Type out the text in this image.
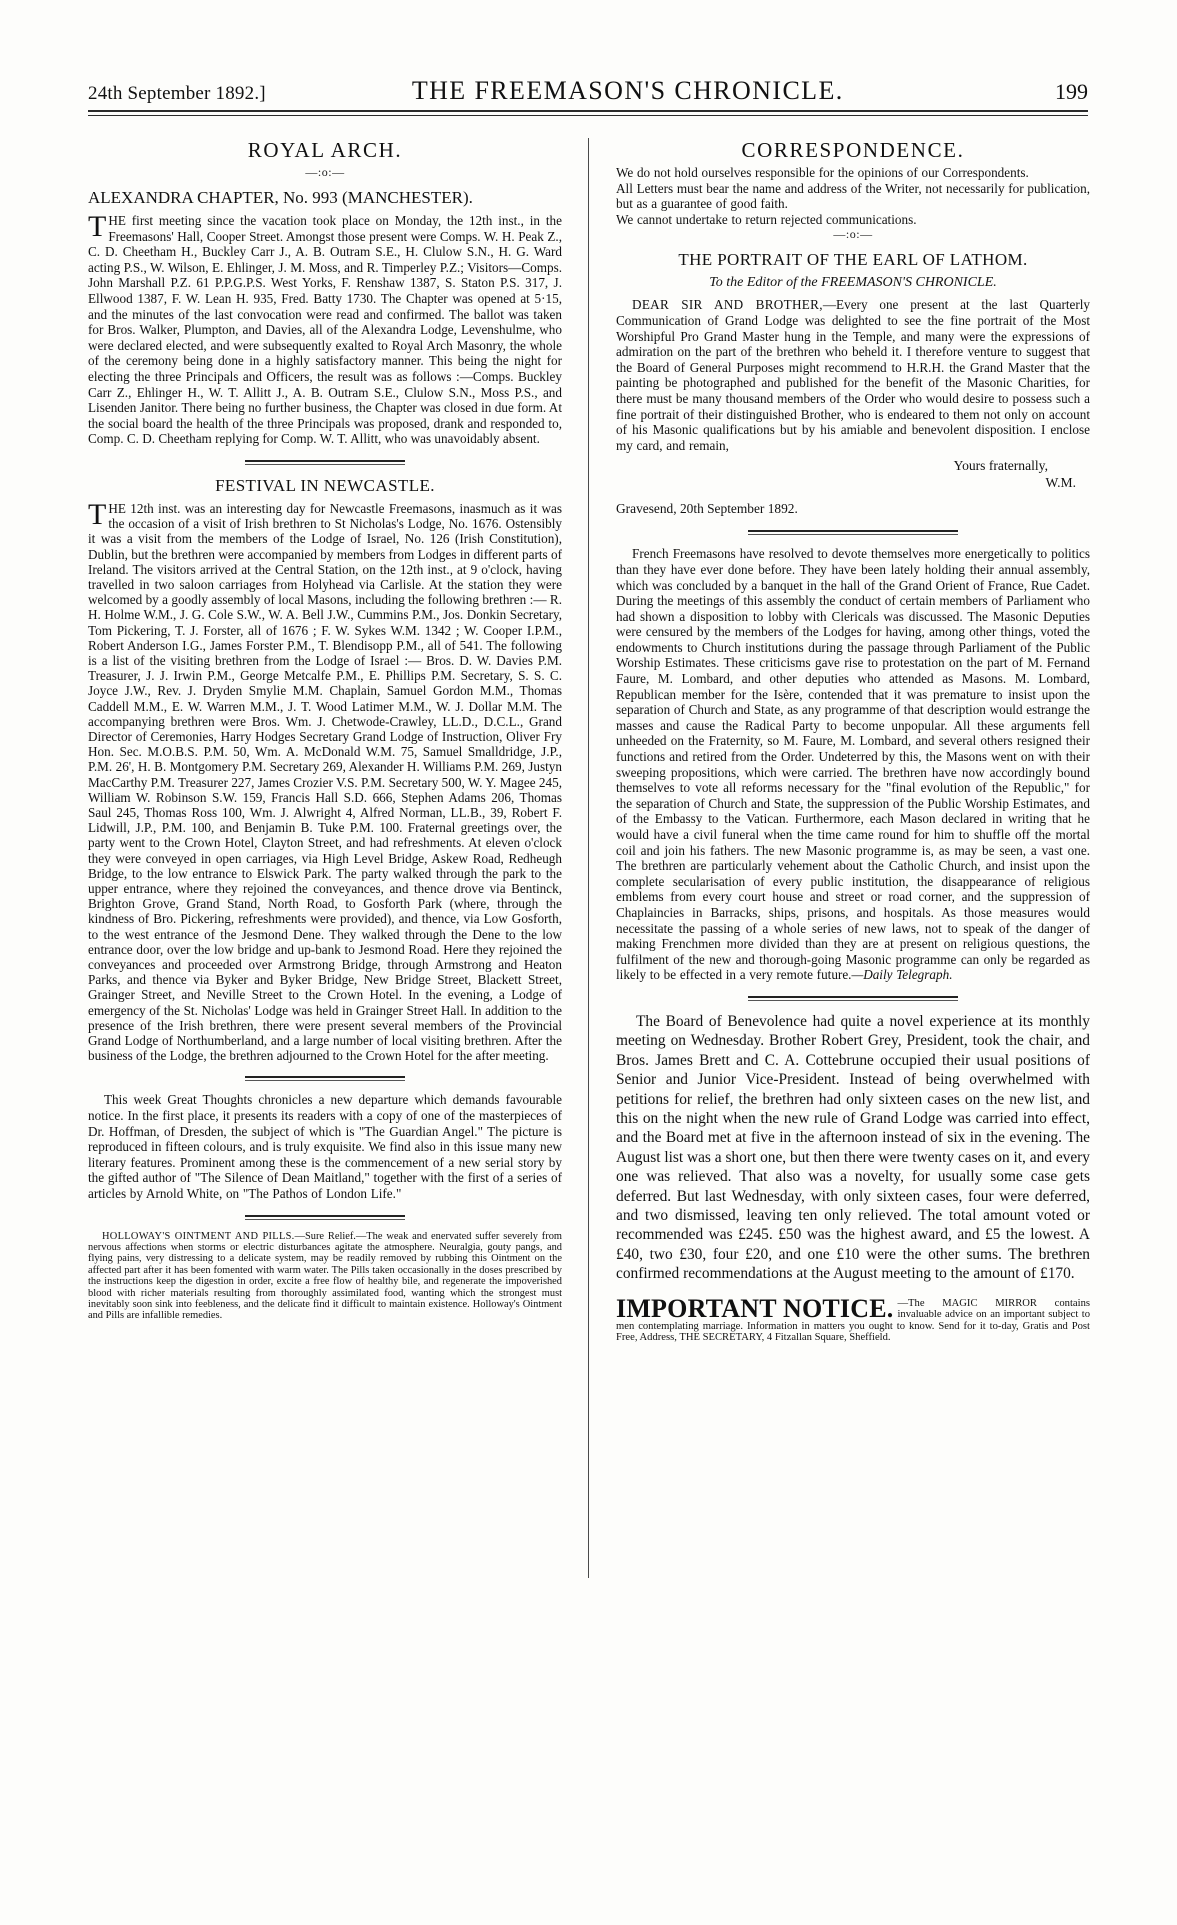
24th September 1892.]	THE FREEMASON'S CHRONICLE.	199
ROYAL ARCH.
—:o:—
ALEXANDRA CHAPTER, No. 993 (MANCHESTER).

THE first meeting since the vacation took place on Monday, the 12th inst., in the Freemasons' Hall, Cooper Street. Amongst those present were Comps. W. H. Peak Z., C. D. Cheetham H., Buckley Carr J., A. B. Outram S.E., H. Clulow S.N., H. G. Ward acting P.S., W. Wilson, E. Ehlinger, J. M. Moss, and R. Timperley P.Z.; Visitors—Comps. John Marshall P.Z. 61 P.P.G.P.S. West Yorks, F. Renshaw 1387, S. Staton P.S. 317, J. Ellwood 1387, F. W. Lean H. 935, Fred. Batty 1730. The Chapter was opened at 5·15, and the minutes of the last convocation were read and confirmed. The ballot was taken for Bros. Walker, Plumpton, and Davies, all of the Alexandra Lodge, Levenshulme, who were declared elected, and were subsequently exalted to Royal Arch Masonry, the whole of the ceremony being done in a highly satisfactory manner. This being the night for electing the three Principals and Officers, the result was as follows :—Comps. Buckley Carr Z., Ehlinger H., W. T. Allitt J., A. B. Outram S.E., Clulow S.N., Moss P.S., and Lisenden Janitor. There being no further business, the Chapter was closed in due form. At the social board the health of the three Principals was proposed, drank and responded to, Comp. C. D. Cheetham replying for Comp. W. T. Allitt, who was unavoidably absent.

FESTIVAL IN NEWCASTLE.

THE 12th inst. was an interesting day for Newcastle Freemasons, inasmuch as it was the occasion of a visit of Irish brethren to St Nicholas's Lodge, No. 1676. Ostensibly it was a visit from the members of the Lodge of Israel, No. 126 (Irish Constitution), Dublin, but the brethren were accompanied by members from Lodges in different parts of Ireland. The visitors arrived at the Central Station, on the 12th inst., at 9 o'clock, having travelled in two saloon carriages from Holyhead via Carlisle. At the station they were welcomed by a goodly assembly of local Masons, including the following brethren :— R. H. Holme W.M., J. G. Cole S.W., W. A. Bell J.W., Cummins P.M., Jos. Donkin Secretary, Tom Pickering, T. J. Forster, all of 1676 ; F. W. Sykes W.M. 1342 ; W. Cooper I.P.M., Robert Anderson I.G., James Forster P.M., T. Blendisopp P.M., all of 541. The following is a list of the visiting brethren from the Lodge of Israel :— Bros. D. W. Davies P.M. Treasurer, J. J. Irwin P.M., George Metcalfe P.M., E. Phillips P.M. Secretary, S. S. C. Joyce J.W., Rev. J. Dryden Smylie M.M. Chaplain, Samuel Gordon M.M., Thomas Caddell M.M., E. W. Warren M.M., J. T. Wood Latimer M.M., W. J. Dollar M.M. The accompanying brethren were Bros. Wm. J. Chetwode-Crawley, LL.D., D.C.L., Grand Director of Ceremonies, Harry Hodges Secretary Grand Lodge of Instruction, Oliver Fry Hon. Sec. M.O.B.S. P.M. 50, Wm. A. McDonald W.M. 75, Samuel Smalldridge, J.P., P.M. 26', H. B. Montgomery P.M. Secretary 269, Alexander H. Williams P.M. 269, Justyn MacCarthy P.M. Treasurer 227, James Crozier V.S. P.M. Secretary 500, W. Y. Magee 245, William W. Robinson S.W. 159, Francis Hall S.D. 666, Stephen Adams 206, Thomas Saul 245, Thomas Ross 100, Wm. J. Alwright 4, Alfred Norman, LL.B., 39, Robert F. Lidwill, J.P., P.M. 100, and Benjamin B. Tuke P.M. 100. Fraternal greetings over, the party went to the Crown Hotel, Clayton Street, and had refreshments. At eleven o'clock they were conveyed in open carriages, via High Level Bridge, Askew Road, Redheugh Bridge, to the low entrance to Elswick Park. The party walked through the park to the upper entrance, where they rejoined the conveyances, and thence drove via Bentinck, Brighton Grove, Grand Stand, North Road, to Gosforth Park (where, through the kindness of Bro. Pickering, refreshments were provided), and thence, via Low Gosforth, to the west entrance of the Jesmond Dene. They walked through the Dene to the low entrance door, over the low bridge and up-bank to Jesmond Road. Here they rejoined the conveyances and proceeded over Armstrong Bridge, through Armstrong and Heaton Parks, and thence via Byker and Byker Bridge, New Bridge Street, Blackett Street, Grainger Street, and Neville Street to the Crown Hotel. In the evening, a Lodge of emergency of the St. Nicholas' Lodge was held in Grainger Street Hall. In addition to the presence of the Irish brethren, there were present several members of the Provincial Grand Lodge of Northumberland, and a large number of local visiting brethren. After the business of the Lodge, the brethren adjourned to the Crown Hotel for the after meeting.

This week Great Thoughts chronicles a new departure which demands favourable notice. In the first place, it presents its readers with a copy of one of the masterpieces of Dr. Hoffman, of Dresden, the subject of which is "The Guardian Angel." The picture is reproduced in fifteen colours, and is truly exquisite. We find also in this issue many new literary features. Prominent among these is the commencement of a new serial story by the gifted author of "The Silence of Dean Maitland," together with the first of a series of articles by Arnold White, on "The Pathos of London Life."

HOLLOWAY'S OINTMENT AND PILLS.—Sure Relief.—The weak and enervated suffer severely from nervous affections when storms or electric disturbances agitate the atmosphere. Neuralgia, gouty pangs, and flying pains, very distressing to a delicate system, may be readily removed by rubbing this Ointment on the affected part after it has been fomented with warm water. The Pills taken occasionally in the doses prescribed by the instructions keep the digestion in order, excite a free flow of healthy bile, and regenerate the impoverished blood with richer materials resulting from thoroughly assimilated food, wanting which the strongest must inevitably soon sink into feebleness, and the delicate find it difficult to maintain existence. Holloway's Ointment and Pills are infallible remedies.

CORRESPONDENCE.

We do not hold ourselves responsible for the opinions of our Correspondents.

All Letters must bear the name and address of the Writer, not necessarily for publication, but as a guarantee of good faith.

We cannot undertake to return rejected communications.

—:o:—
THE PORTRAIT OF THE EARL OF LATHOM.
To the Editor of the FREEMASON'S CHRONICLE.

DEAR SIR AND BROTHER,—Every one present at the last Quarterly Communication of Grand Lodge was delighted to see the fine portrait of the Most Worshipful Pro Grand Master hung in the Temple, and many were the expressions of admiration on the part of the brethren who beheld it. I therefore venture to suggest that the Board of General Purposes might recommend to H.R.H. the Grand Master that the painting be photographed and published for the benefit of the Masonic Charities, for there must be many thousand members of the Order who would desire to possess such a fine portrait of their distinguished Brother, who is endeared to them not only on account of his Masonic qualifications but by his amiable and benevolent disposition. I enclose my card, and remain,

Yours fraternally,

W.M.

Gravesend, 20th September 1892.

French Freemasons have resolved to devote themselves more energetically to politics than they have ever done before. They have been lately holding their annual assembly, which was concluded by a banquet in the hall of the Grand Orient of France, Rue Cadet. During the meetings of this assembly the conduct of certain members of Parliament who had shown a disposition to lobby with Clericals was discussed. The Masonic Deputies were censured by the members of the Lodges for having, among other things, voted the endowments to Church institutions during the passage through Parliament of the Public Worship Estimates. These criticisms gave rise to protestation on the part of M. Fernand Faure, M. Lombard, and other deputies who attended as Masons. M. Lombard, Republican member for the Isère, contended that it was premature to insist upon the separation of Church and State, as any programme of that description would estrange the masses and cause the Radical Party to become unpopular. All these arguments fell unheeded on the Fraternity, so M. Faure, M. Lombard, and several others resigned their functions and retired from the Order. Undeterred by this, the Masons went on with their sweeping propositions, which were carried. The brethren have now accordingly bound themselves to vote all reforms necessary for the "final evolution of the Republic," for the separation of Church and State, the suppression of the Public Worship Estimates, and of the Embassy to the Vatican. Furthermore, each Mason declared in writing that he would have a civil funeral when the time came round for him to shuffle off the mortal coil and join his fathers. The new Masonic programme is, as may be seen, a vast one. The brethren are particularly vehement about the Catholic Church, and insist upon the complete secularisation of every public institution, the disappearance of religious emblems from every court house and street or road corner, and the suppression of Chaplaincies in Barracks, ships, prisons, and hospitals. As those measures would necessitate the passing of a whole series of new laws, not to speak of the danger of making Frenchmen more divided than they are at present on religious questions, the fulfilment of the new and thorough-going Masonic programme can only be regarded as likely to be effected in a very remote future.—Daily Telegraph.

The Board of Benevolence had quite a novel experience at its monthly meeting on Wednesday. Brother Robert Grey, President, took the chair, and Bros. James Brett and C. A. Cottebrune occupied their usual positions of Senior and Junior Vice-President. Instead of being overwhelmed with petitions for relief, the brethren had only sixteen cases on the new list, and this on the night when the new rule of Grand Lodge was carried into effect, and the Board met at five in the afternoon instead of six in the evening. The August list was a short one, but then there were twenty cases on it, and every one was relieved. That also was a novelty, for usually some case gets deferred. But last Wednesday, with only sixteen cases, four were deferred, and two dismissed, leaving ten only relieved. The total amount voted or recommended was £245. £50 was the highest award, and £5 the lowest. A £40, two £30, four £20, and one £10 were the other sums. The brethren confirmed recommendations at the August meeting to the amount of £170.

IMPORTANT NOTICE. —The MAGIC MIRROR contains invaluable advice on an important subject to men contemplating marriage. Information in matters you ought to know. Send for it to-day, Gratis and Post Free, Address, THE SECRETARY, 4 Fitzallan Square, Sheffield.
